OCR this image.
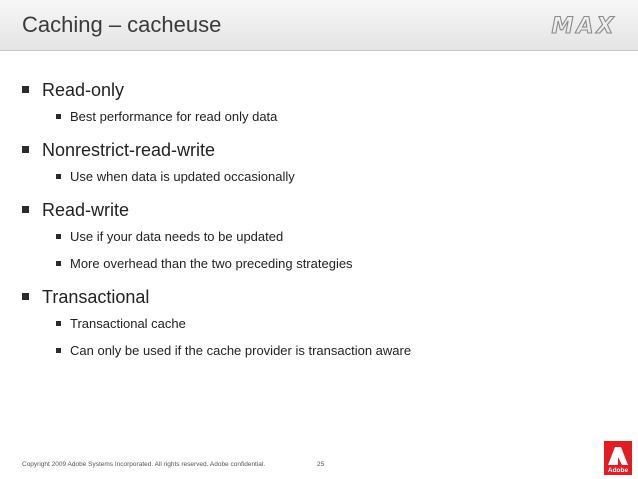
Caching – cacheuse	MAX
Read-only
Best performance for read only data
Nonrestrict-read-write
Use when data is updated occasionally
Read-write
Use if your data needs to be updated
More overhead than the two preceding strategies
Transactional
Transactional cache
Can only be used if the cache provider is transaction aware
Copyright 2009 Adobe Systems Incorporated. All rights reserved. Adobe confidential.	25
Adobe
